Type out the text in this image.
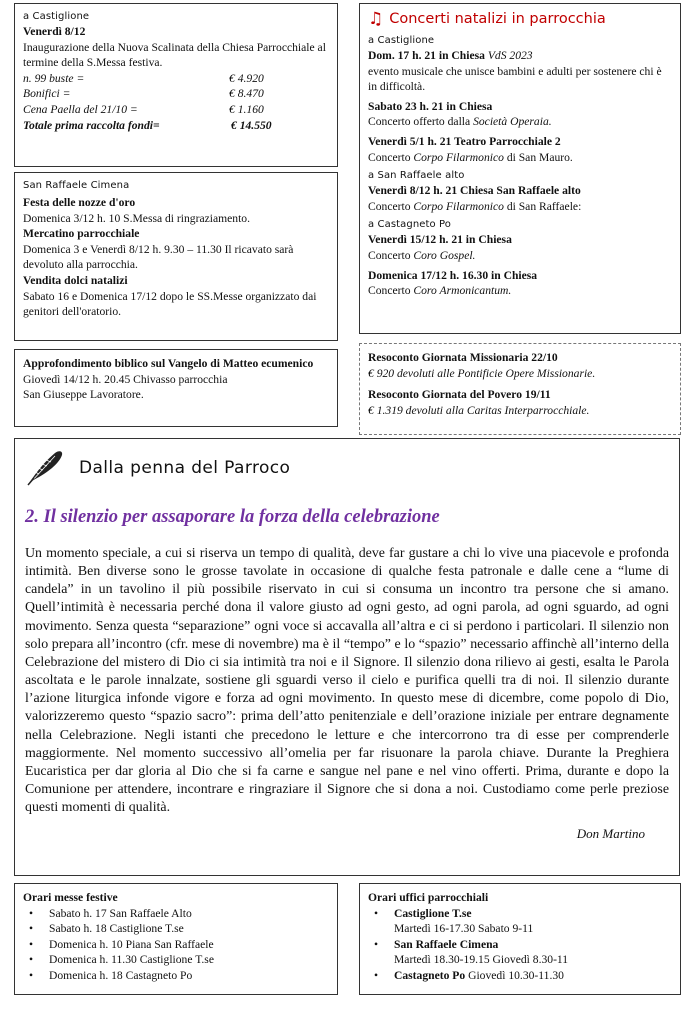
a Castiglione
Venerdì 8/12
Inaugurazione della Nuova Scalinata della Chiesa Parrocchiale al termine della S.Messa festiva.
n. 99 buste =	€ 4.920
Bonifici =	€ 8.470
Cena Paella del 21/10 =	€ 1.160
Totale prima raccolta fondi=	€ 14.550
San Raffaele Cimena
Festa delle nozze d'oro
Domenica 3/12 h. 10 S.Messa di ringraziamento.
Mercatino parrocchiale
Domenica 3 e Venerdì 8/12 h. 9.30 – 11.30 Il ricavato sarà devoluto alla parrocchia.
Vendita dolci natalizi
Sabato 16 e Domenica 17/12 dopo le SS.Messe organizzato dai genitori dell'oratorio.
Approfondimento biblico sul Vangelo di Matteo ecumenico
Giovedì 14/12 h. 20.45 Chivasso parrocchia
San Giuseppe Lavoratore.
♫ Concerti natalizi in parrocchia
a Castiglione
Dom. 17 h. 21 in Chiesa VdS 2023
evento musicale che unisce bambini e adulti per sostenere chi è in difficoltà.
Sabato 23 h. 21 in Chiesa
Concerto offerto dalla Società Operaia.
Venerdì 5/1 h. 21 Teatro Parrocchiale 2
Concerto Corpo Filarmonico di San Mauro.
a San Raffaele alto
Venerdì 8/12 h. 21 Chiesa San Raffaele alto
Concerto Corpo Filarmonico di San Raffaele:
a Castagneto Po
Venerdì 15/12 h. 21 in Chiesa
Concerto Coro Gospel.
Domenica 17/12 h. 16.30 in Chiesa
Concerto Coro Armonicantum.
Resoconto Giornata Missionaria 22/10
€ 920 devoluti alle Pontificie Opere Missionarie.
Resoconto Giornata del Povero 19/11
€ 1.319 devoluti alla Caritas Interparrocchiale.
Dalla penna del Parroco
2. Il silenzio per assaporare la forza della celebrazione
Un momento speciale, a cui si riserva un tempo di qualità, deve far gustare a chi lo vive una piacevole e profonda intimità. Ben diverse sono le grosse tavolate in occasione di qualche festa patronale e dalle cene a “lume di candela” in un tavolino il più possibile riservato in cui si consuma un incontro tra persone che si amano. Quell’intimità è necessaria perché dona il valore giusto ad ogni gesto, ad ogni parola, ad ogni sguardo, ad ogni movimento. Senza questa “separazione” ogni voce si accavalla all’altra e ci si perdono i particolari. Il silenzio non solo prepara all’incontro (cfr. mese di novembre) ma è il “tempo” e lo “spazio” necessario affinchè all’interno della Celebrazione del mistero di Dio ci sia intimità tra noi e il Signore. Il silenzio dona rilievo ai gesti, esalta le Parola ascoltata e le parole innalzate, sostiene gli sguardi verso il cielo e purifica quelli tra di noi. Il silenzio durante l’azione liturgica infonde vigore e forza ad ogni movimento. In questo mese di dicembre, come popolo di Dio, valorizzeremo questo “spazio sacro”: prima dell’atto penitenziale e dell’orazione iniziale per entrare degnamente nella Celebrazione. Negli istanti che precedono le letture e che intercorrono tra di esse per comprenderle maggiormente. Nel momento successivo all’omelia per far risuonare la parola chiave. Durante la Preghiera Eucaristica per dar gloria al Dio che si fa carne e sangue nel pane e nel vino offerti. Prima, durante e dopo la Comunione per attendere, incontrare e ringraziare il Signore che si dona a noi. Custodiamo come perle preziose questi momenti di qualità.
Don Martino
Orari messe festive
• Sabato h. 17 San Raffaele Alto
• Sabato h. 18 Castiglione T.se
• Domenica h. 10 Piana San Raffaele
• Domenica h. 11.30 Castiglione T.se
• Domenica h. 18 Castagneto Po
Orari uffici parrocchiali
• Castiglione T.se
Martedì 16-17.30 Sabato 9-11
• San Raffaele Cimena
Martedì 18.30-19.15 Giovedì 8.30-11
• Castagneto Po Giovedì 10.30-11.30
